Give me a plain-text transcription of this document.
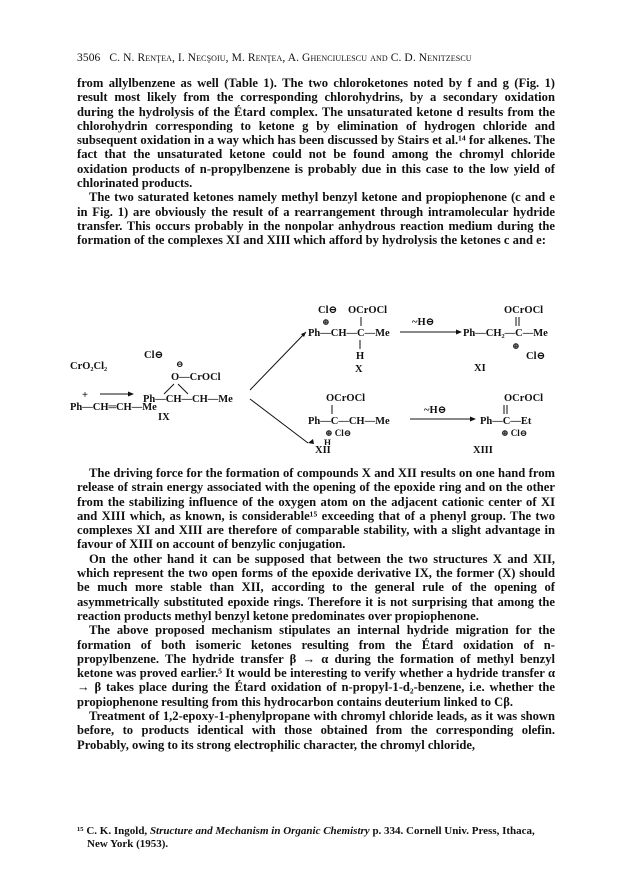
3506 C. N. Renţea, I. Necşoiu, M. Renţea, A. Ghenciulescu and C. D. Nenitzescu

from allylbenzene as well (Table 1). The two chloroketones noted by f and g (Fig. 1) result most likely from the corresponding chlorohydrins, by a secondary oxidation during the hydrolysis of the Étard complex. The unsaturated ketone d results from the chlorohydrin corresponding to ketone g by elimination of hydrogen chloride and subsequent oxidation in a way which has been discussed by Stairs et al.¹⁴ for alkenes. The fact that the unsaturated ketone could not be found among the chromyl chloride oxidation products of n-propylbenzene is probably due in this case to the low yield of chlorinated products.

The two saturated ketones namely methyl benzyl ketone and propiophenone (c and e in Fig. 1) are obviously the result of a rearrangement through intramolecular hydride transfer. This occurs probably in the nonpolar anhydrous reaction medium during the formation of the complexes XI and XIII which afford by hydrolysis the ketones c and e:

CrO₂Cl₂
+
Ph—CH═CH—Me
Cl⊖
⊖
O—CrOCl
Ph—CH—CH—Me
IX
Cl⊖ OCrOCl
⊕
Ph—CH—C—Me
H
X
~H⊖
OCrOCl
Ph—CH₂—C—Me
⊕
Cl⊖
XI
OCrOCl
Ph—C—CH—Me
⊕ Cl⊖
H
~H⊖
OCrOCl
Ph—C—Et
⊕ Cl⊖
XII	XIII

The driving force for the formation of compounds X and XII results on one hand from release of strain energy associated with the opening of the epoxide ring and on the other from the stabilizing influence of the oxygen atom on the adjacent cationic center of XI and XIII which, as known, is considerable¹⁵ exceeding that of a phenyl group. The two complexes XI and XIII are therefore of comparable stability, with a slight advantage in favour of XIII on account of benzylic conjugation.

On the other hand it can be supposed that between the two structures X and XII, which represent the two open forms of the epoxide derivative IX, the former (X) should be much more stable than XII, according to the general rule of the opening of asymmetrically substituted epoxide rings. Therefore it is not surprising that among the reaction products methyl benzyl ketone predominates over propiophenone.

The above proposed mechanism stipulates an internal hydride migration for the formation of both isomeric ketones resulting from the Étard oxidation of n-propylbenzene. The hydride transfer β → α during the formation of methyl benzyl ketone was proved earlier.⁵ It would be interesting to verify whether a hydride transfer α → β takes place during the Étard oxidation of n-propyl-1-d₂-benzene, i.e. whether the propiophenone resulting from this hydrocarbon contains deuterium linked to Cβ.

Treatment of 1,2-epoxy-1-phenylpropane with chromyl chloride leads, as it was shown before, to products identical with those obtained from the corresponding olefin. Probably, owing to its strong electrophilic character, the chromyl chloride,

¹⁵ C. K. Ingold, Structure and Mechanism in Organic Chemistry p. 334. Cornell Univ. Press, Ithaca,
New York (1953).
